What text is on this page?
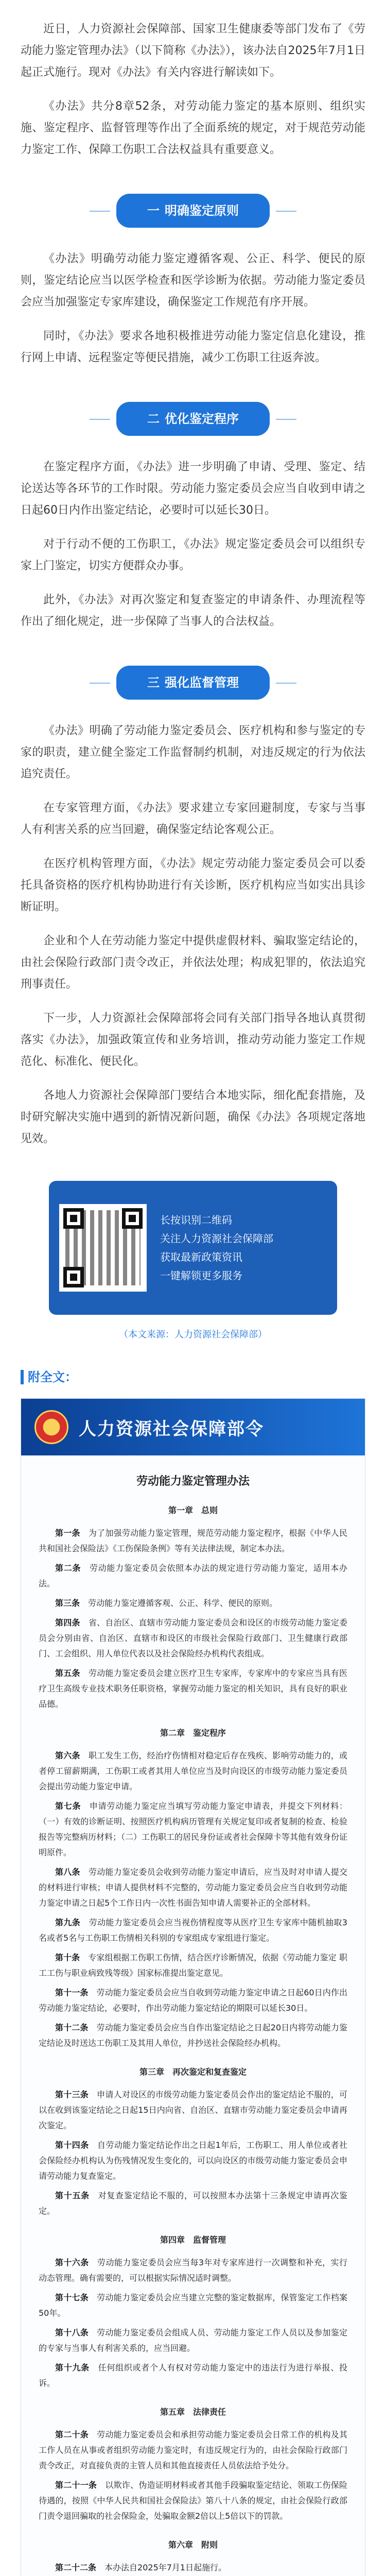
近日，人力资源社会保障部、国家卫生健康委等部门发布了《劳动能力鉴定管理办法》（以下简称《办法》），该办法自2025年7月1日起正式施行。现对《办法》有关内容进行解读如下。

《办法》共分8章52条，对劳动能力鉴定的基本原则、组织实施、鉴定程序、监督管理等作出了全面系统的规定，对于规范劳动能力鉴定工作、保障工伤职工合法权益具有重要意义。

一 明确鉴定原则

《办法》明确劳动能力鉴定遵循客观、公正、科学、便民的原则，鉴定结论应当以医学检查和医学诊断为依据。劳动能力鉴定委员会应当加强鉴定专家库建设，确保鉴定工作规范有序开展。

同时，《办法》要求各地积极推进劳动能力鉴定信息化建设，推行网上申请、远程鉴定等便民措施，减少工伤职工往返奔波。

二 优化鉴定程序

在鉴定程序方面，《办法》进一步明确了申请、受理、鉴定、结论送达等各环节的工作时限。劳动能力鉴定委员会应当自收到申请之日起60日内作出鉴定结论，必要时可以延长30日。

对于行动不便的工伤职工，《办法》规定鉴定委员会可以组织专家上门鉴定，切实方便群众办事。

此外，《办法》对再次鉴定和复查鉴定的申请条件、办理流程等作出了细化规定，进一步保障了当事人的合法权益。

三 强化监督管理

《办法》明确了劳动能力鉴定委员会、医疗机构和参与鉴定的专家的职责，建立健全鉴定工作监督制约机制，对违反规定的行为依法追究责任。

在专家管理方面，《办法》要求建立专家回避制度，专家与当事人有利害关系的应当回避，确保鉴定结论客观公正。

在医疗机构管理方面，《办法》规定劳动能力鉴定委员会可以委托具备资格的医疗机构协助进行有关诊断，医疗机构应当如实出具诊断证明。

企业和个人在劳动能力鉴定中提供虚假材料、骗取鉴定结论的，由社会保险行政部门责令改正，并依法处理；构成犯罪的，依法追究刑事责任。

下一步，人力资源社会保障部将会同有关部门指导各地认真贯彻落实《办法》，加强政策宣传和业务培训，推动劳动能力鉴定工作规范化、标准化、便民化。

各地人力资源社会保障部门要结合本地实际，细化配套措施，及时研究解决实施中遇到的新情况新问题，确保《办法》各项规定落地见效。

长按识别二维码
关注人力资源社会保障部
获取最新政策资讯
一键解锁更多服务
（本文来源：人力资源社会保障部）
附全文：
人力资源社会保障部令
劳动能力鉴定管理办法
第一章　总则

第一条　 为了加强劳动能力鉴定管理，规范劳动能力鉴定程序，根据《中华人民共和国社会保险法》《工伤保险条例》等有关法律法规，制定本办法。

第二条　 劳动能力鉴定委员会依照本办法的规定进行劳动能力鉴定，适用本办法。

第三条　 劳动能力鉴定遵循客观、公正、科学、便民的原则。

第四条　 省、自治区、直辖市劳动能力鉴定委员会和设区的市级劳动能力鉴定委员会分别由省、自治区、直辖市和设区的市级社会保险行政部门、卫生健康行政部门、工会组织、用人单位代表以及社会保险经办机构代表组成。

第五条　 劳动能力鉴定委员会建立医疗卫生专家库，专家库中的专家应当具有医疗卫生高级专业技术职务任职资格，掌握劳动能力鉴定的相关知识，具有良好的职业品德。

第二章　鉴定程序

第六条　 职工发生工伤，经治疗伤情相对稳定后存在残疾、影响劳动能力的，或者停工留薪期满，工伤职工或者其用人单位应当及时向设区的市级劳动能力鉴定委员会提出劳动能力鉴定申请。

第七条　 申请劳动能力鉴定应当填写劳动能力鉴定申请表，并提交下列材料：（一）有效的诊断证明、按照医疗机构病历管理有关规定复印或者复制的检查、检验报告等完整病历材料；（二）工伤职工的居民身份证或者社会保障卡等其他有效身份证明原件。

第八条　 劳动能力鉴定委员会收到劳动能力鉴定申请后，应当及时对申请人提交的材料进行审核；申请人提供材料不完整的，劳动能力鉴定委员会应当自收到劳动能力鉴定申请之日起5个工作日内一次性书面告知申请人需要补正的全部材料。

第九条　 劳动能力鉴定委员会应当视伤情程度等从医疗卫生专家库中随机抽取3名或者5名与工伤职工伤情相关科别的专家组成专家组进行鉴定。

第十条　 专家组根据工伤职工伤情，结合医疗诊断情况，依据《劳动能力鉴定 职工工伤与职业病致残等级》国家标准提出鉴定意见。

第十一条　 劳动能力鉴定委员会应当自收到劳动能力鉴定申请之日起60日内作出劳动能力鉴定结论，必要时，作出劳动能力鉴定结论的期限可以延长30日。

第十二条　 劳动能力鉴定委员会应当自作出鉴定结论之日起20日内将劳动能力鉴定结论及时送达工伤职工及其用人单位，并抄送社会保险经办机构。

第三章　再次鉴定和复查鉴定

第十三条　 申请人对设区的市级劳动能力鉴定委员会作出的鉴定结论不服的，可以在收到该鉴定结论之日起15日内向省、自治区、直辖市劳动能力鉴定委员会申请再次鉴定。

第十四条　 自劳动能力鉴定结论作出之日起1年后，工伤职工、用人单位或者社会保险经办机构认为伤残情况发生变化的，可以向设区的市级劳动能力鉴定委员会申请劳动能力复查鉴定。

第十五条　 对复查鉴定结论不服的，可以按照本办法第十三条规定申请再次鉴定。

第四章　监督管理

第十六条　 劳动能力鉴定委员会应当每3年对专家库进行一次调整和补充，实行动态管理。确有需要的，可以根据实际情况适时调整。

第十七条　 劳动能力鉴定委员会应当建立完整的鉴定数据库，保管鉴定工作档案50年。

第十八条　 劳动能力鉴定委员会组成人员、劳动能力鉴定工作人员以及参加鉴定的专家与当事人有利害关系的，应当回避。

第十九条　 任何组织或者个人有权对劳动能力鉴定中的违法行为进行举报、投诉。

第五章　法律责任

第二十条　 劳动能力鉴定委员会和承担劳动能力鉴定委员会日常工作的机构及其工作人员在从事或者组织劳动能力鉴定时，有违反规定行为的，由社会保险行政部门责令改正，对直接负责的主管人员和其他直接责任人员依法给予处分。

第二十一条　 以欺诈、伪造证明材料或者其他手段骗取鉴定结论、领取工伤保险待遇的，按照《中华人民共和国社会保险法》第八十八条的规定，由社会保险行政部门责令退回骗取的社会保险金，处骗取金额2倍以上5倍以下的罚款。

第六章　附则

第二十二条　 本办法自2025年7月1日起施行。
